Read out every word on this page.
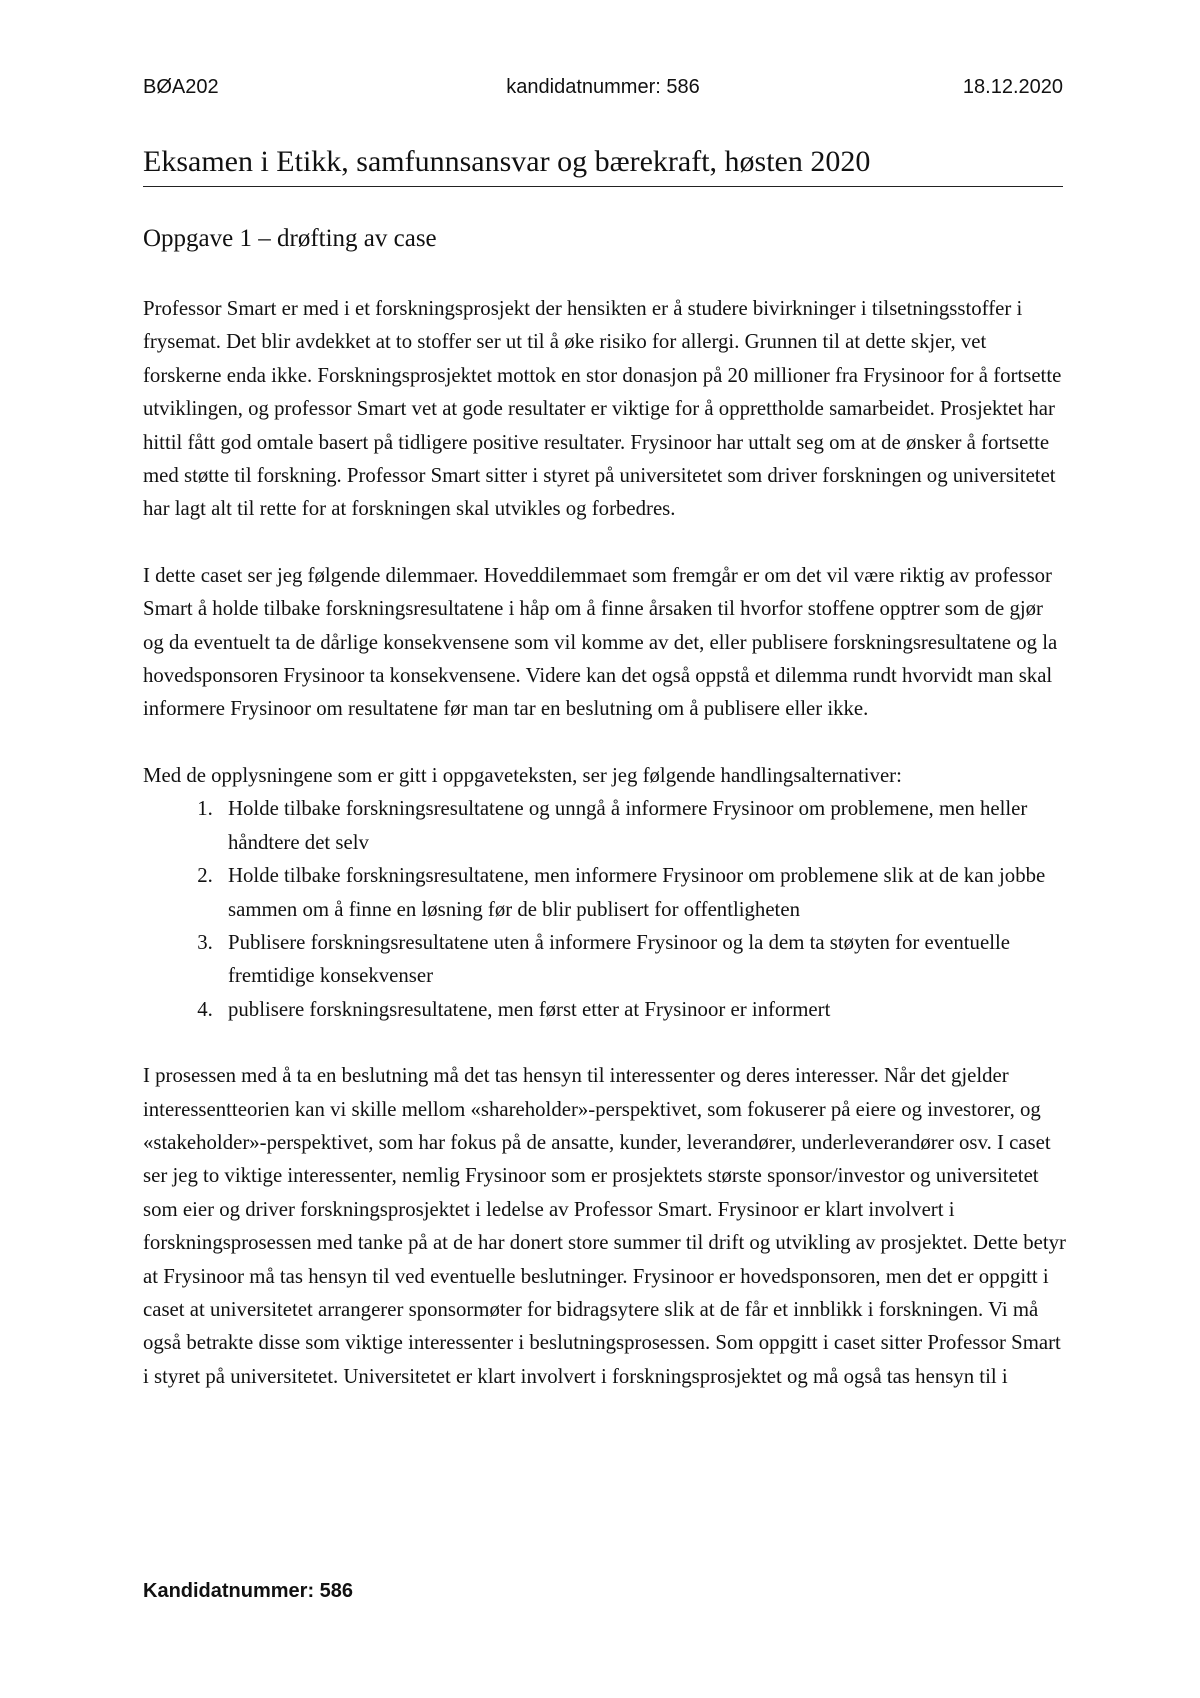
BØA202	kandidatnummer: 586	18.12.2020
Eksamen i Etikk, samfunnsansvar og bærekraft, høsten 2020
Oppgave 1 – drøfting av case

Professor Smart er med i et forskningsprosjekt der hensikten er å studere bivirkninger i tilsetningsstoffer i frysemat. Det blir avdekket at to stoffer ser ut til å øke risiko for allergi. Grunnen til at dette skjer, vet forskerne enda ikke. Forskningsprosjektet mottok en stor donasjon på 20 millioner fra Frysinoor for å fortsette utviklingen, og professor Smart vet at gode resultater er viktige for å opprettholde samarbeidet. Prosjektet har hittil fått god omtale basert på tidligere positive resultater. Frysinoor har uttalt seg om at de ønsker å fortsette med støtte til forskning. Professor Smart sitter i styret på universitetet som driver forskningen og universitetet har lagt alt til rette for at forskningen skal utvikles og forbedres.

I dette caset ser jeg følgende dilemmaer. Hoveddilemmaet som fremgår er om det vil være riktig av professor Smart å holde tilbake forskningsresultatene i håp om å finne årsaken til hvorfor stoffene opptrer som de gjør og da eventuelt ta de dårlige konsekvensene som vil komme av det, eller publisere forskningsresultatene og la hovedsponsoren Frysinoor ta konsekvensene. Videre kan det også oppstå et dilemma rundt hvorvidt man skal informere Frysinoor om resultatene før man tar en beslutning om å publisere eller ikke.

Med de opplysningene som er gitt i oppgaveteksten, ser jeg følgende handlingsalternativer:

1. Holde tilbake forskningsresultatene og unngå å informere Frysinoor om problemene, men heller håndtere det selv
2. Holde tilbake forskningsresultatene, men informere Frysinoor om problemene slik at de kan jobbe sammen om å finne en løsning før de blir publisert for offentligheten
3. Publisere forskningsresultatene uten å informere Frysinoor og la dem ta støyten for eventuelle fremtidige konsekvenser
4. publisere forskningsresultatene, men først etter at Frysinoor er informert

I prosessen med å ta en beslutning må det tas hensyn til interessenter og deres interesser. Når det gjelder interessentteorien kan vi skille mellom «shareholder»-perspektivet, som fokuserer på eiere og investorer, og «stakeholder»-perspektivet, som har fokus på de ansatte, kunder, leverandører, underleverandører osv. I caset ser jeg to viktige interessenter, nemlig Frysinoor som er prosjektets største sponsor/investor og universitetet som eier og driver forskningsprosjektet i ledelse av Professor Smart. Frysinoor er klart involvert i forskningsprosessen med tanke på at de har donert store summer til drift og utvikling av prosjektet. Dette betyr at Frysinoor må tas hensyn til ved eventuelle beslutninger. Frysinoor er hovedsponsoren, men det er oppgitt i caset at universitetet arrangerer sponsormøter for bidragsytere slik at de får et innblikk i forskningen. Vi må også betrakte disse som viktige interessenter i beslutningsprosessen. Som oppgitt i caset sitter Professor Smart i styret på universitetet. Universitetet er klart involvert i forskningsprosjektet og må også tas hensyn til i

Kandidatnummer: 586
